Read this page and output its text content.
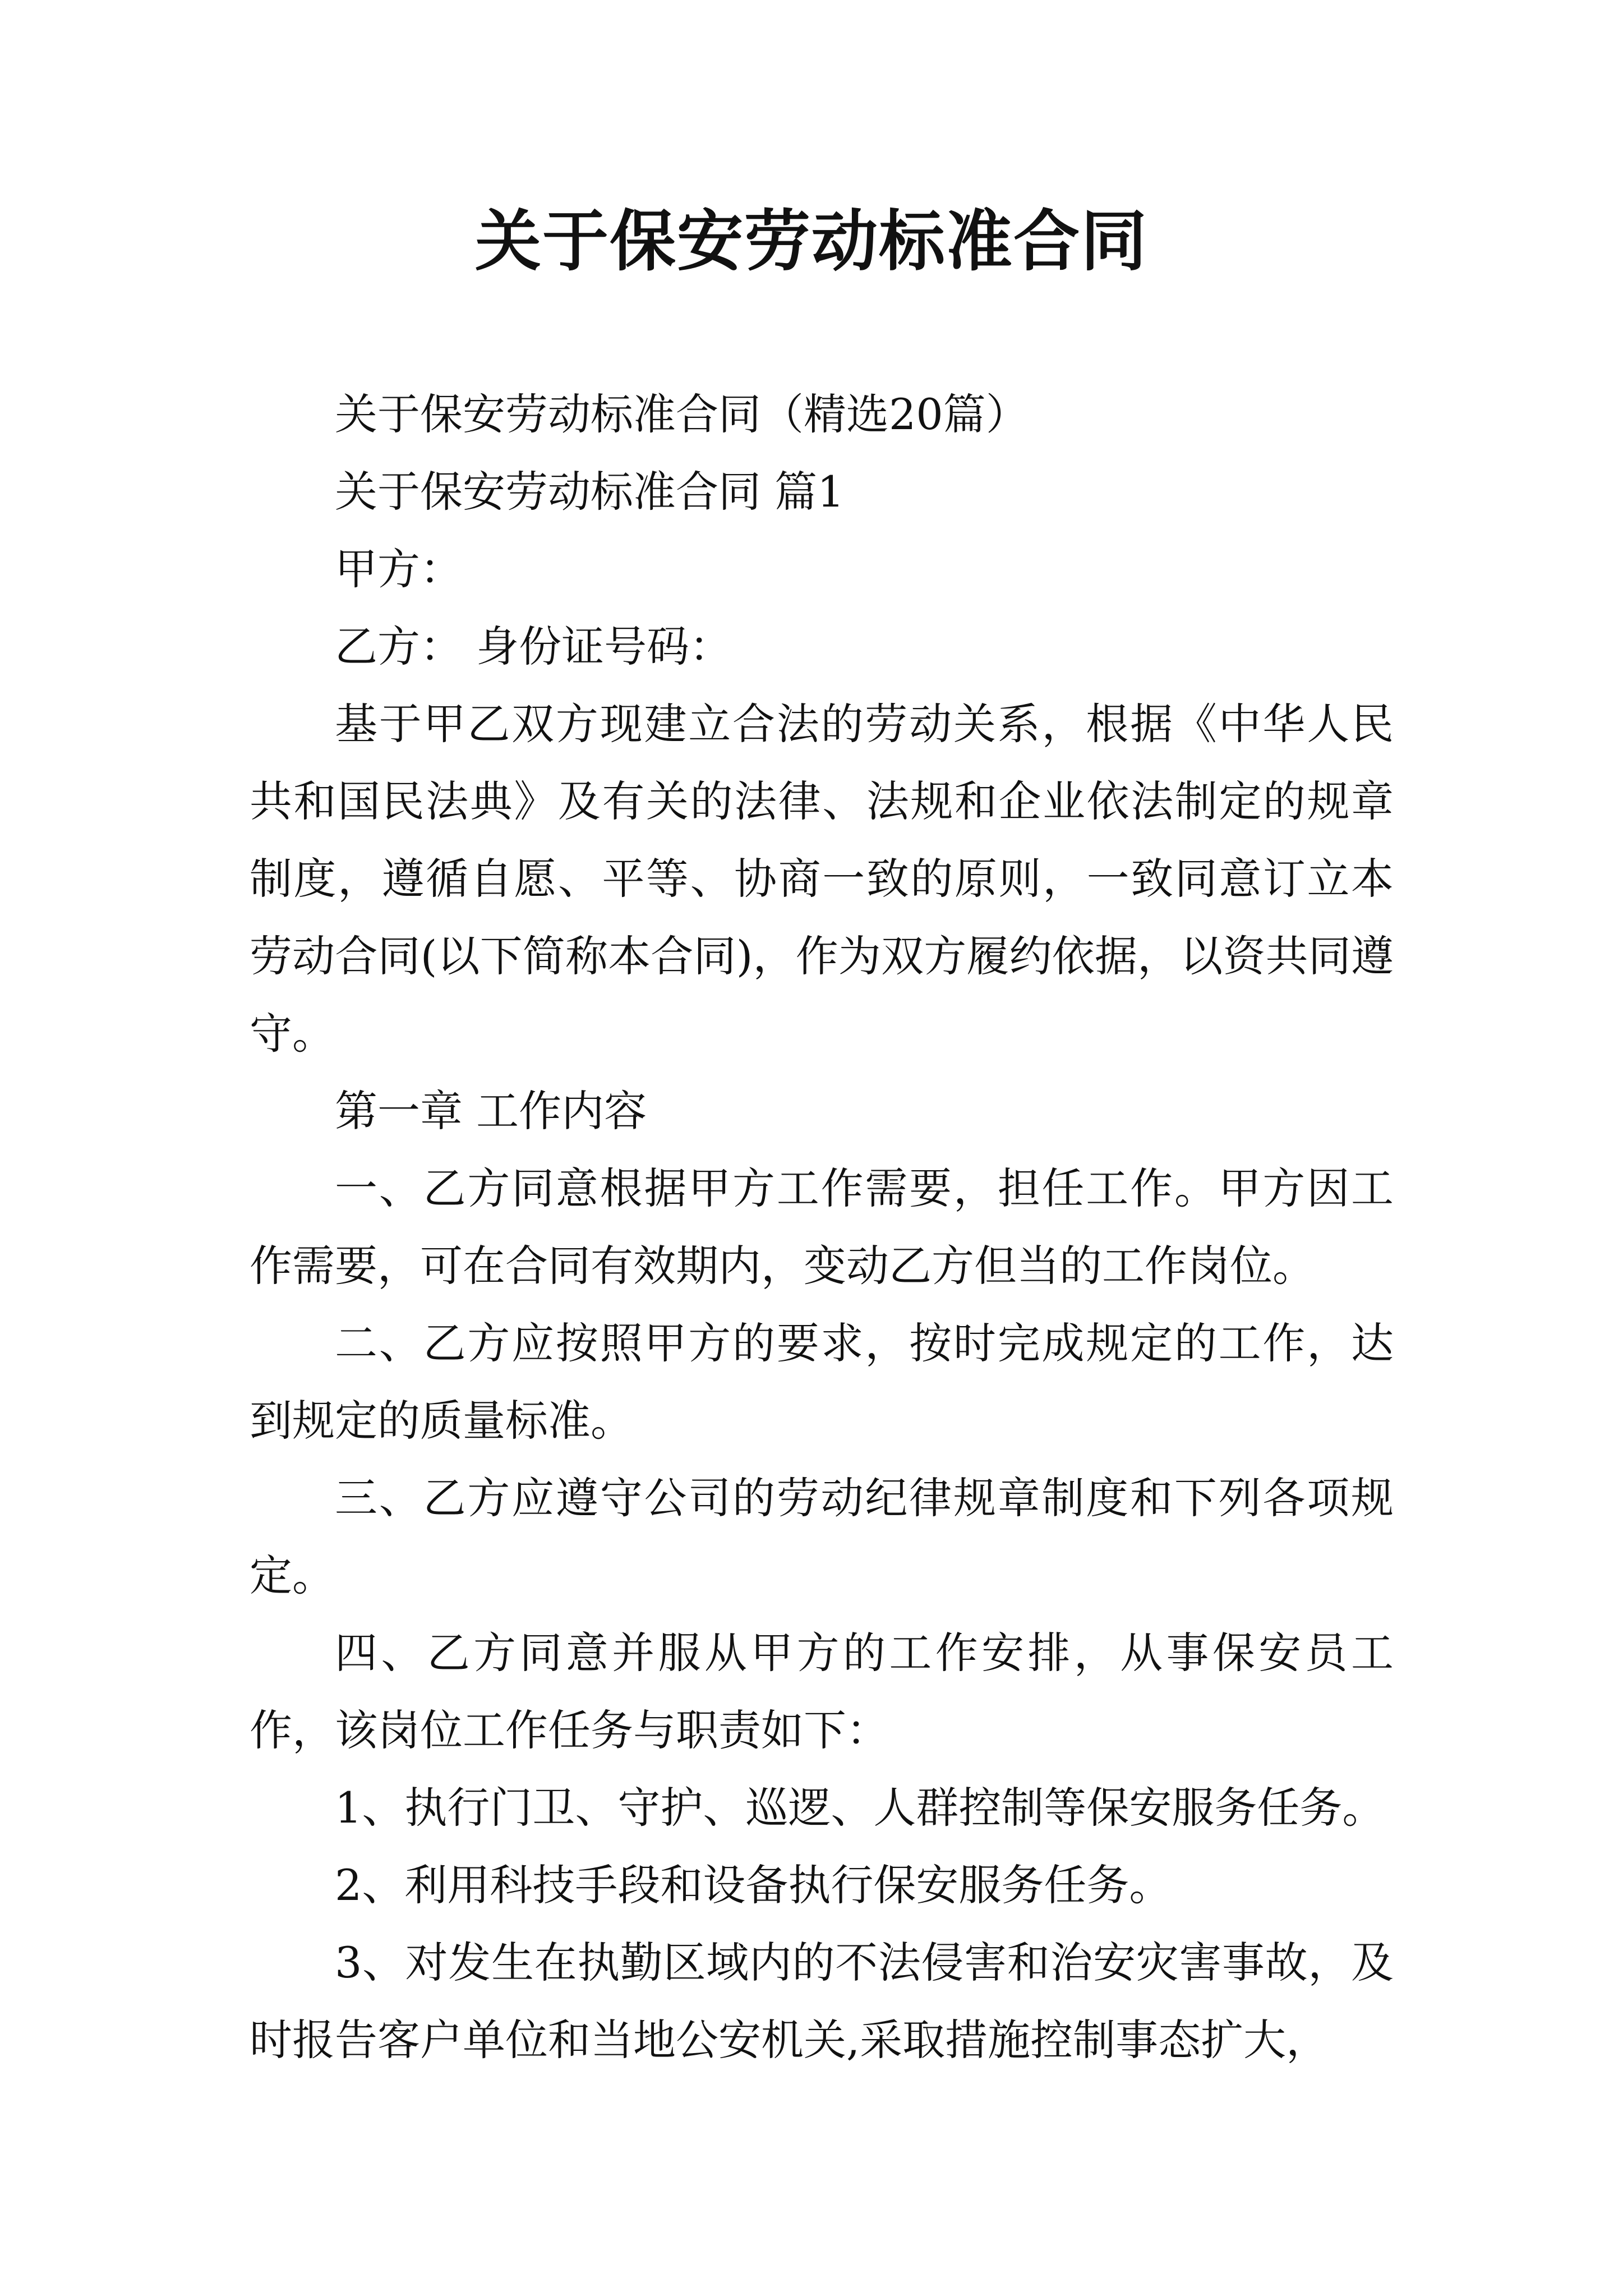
关于保安劳动标准合同

关于保安劳动标准合同（精选20篇）

关于保安劳动标准合同 篇1

甲方：

乙方： 身份证号码：

基于甲乙双方现建立合法的劳动关系，根据《中华人民共和国民法典》及有关的法律、法规和企业依法制定的规章制度，遵循自愿、平等、协商一致的原则，一致同意订立本劳动合同(以下简称本合同)，作为双方履约依据，以资共同遵守。

第一章 工作内容

一、乙方同意根据甲方工作需要，担任工作。甲方因工作需要，可在合同有效期内，变动乙方但当的工作岗位。

二、乙方应按照甲方的要求，按时完成规定的工作，达到规定的质量标准。

三、乙方应遵守公司的劳动纪律规章制度和下列各项规定。

四、乙方同意并服从甲方的工作安排，从事保安员工作，该岗位工作任务与职责如下：

1、执行门卫、守护、巡逻、人群控制等保安服务任务。

2、利用科技手段和设备执行保安服务任务。

3、对发生在执勤区域内的不法侵害和治安灾害事故，及时报告客户单位和当地公安机关,采取措施控制事态扩大，
